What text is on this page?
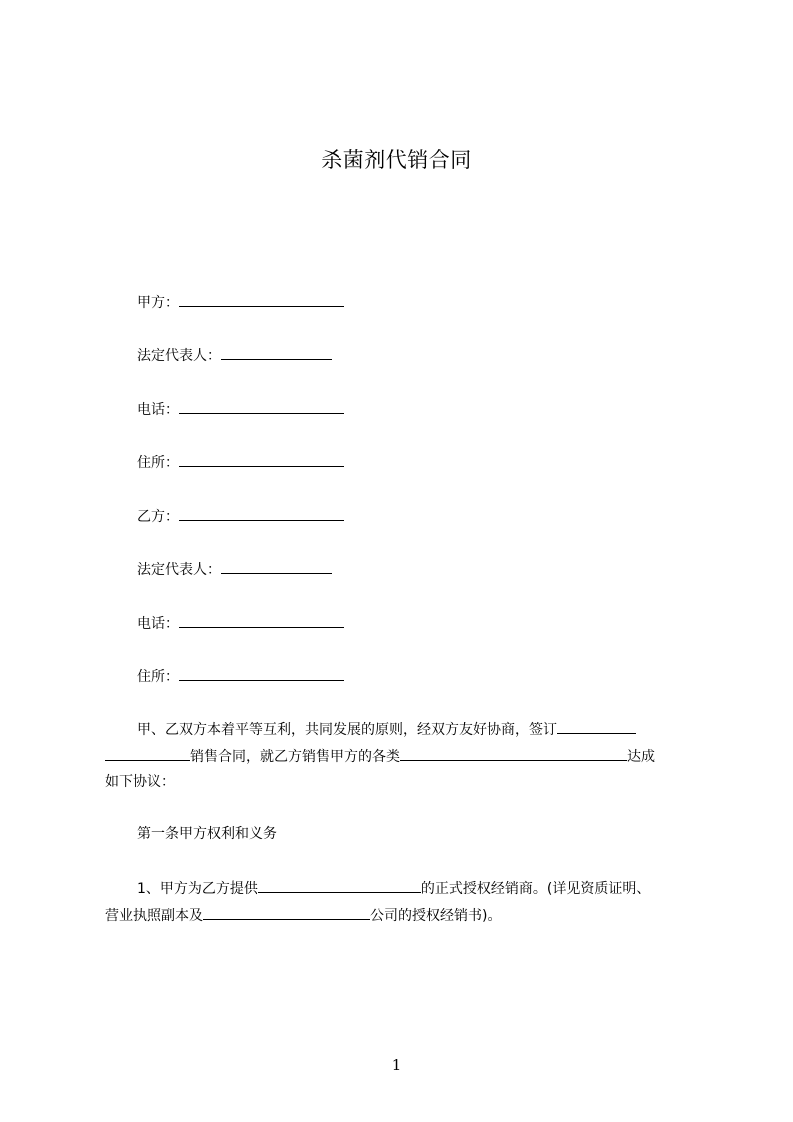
杀菌剂代销合同
甲方：
法定代表人：
电话：
住所：
乙方：
法定代表人：
电话：
住所：
甲、乙双方本着平等互利，共同发展的原则，经双方友好协商，签订
销售合同，就乙方销售甲方的各类	达成
如下协议：
第一条甲方权利和义务
1、甲方为乙方提供	的正式授权经销商。(详见资质证明、
营业执照副本及	公司的授权经销书)。
1
